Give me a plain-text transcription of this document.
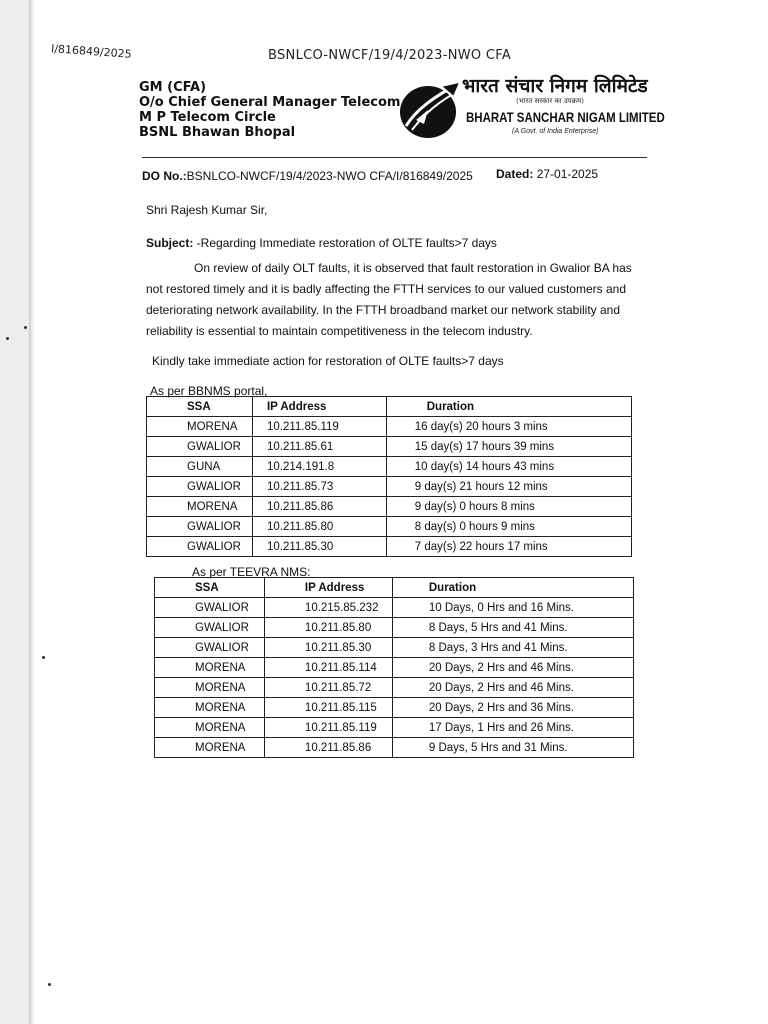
I/816849/2025	BSNLCO-NWCF/19/4/2023-NWO CFA
GM (CFA)
O/o Chief General Manager Telecom
M P Telecom Circle
BSNL Bhawan Bhopal
भारत संचार निगम लिमिटेड
(भारत सरकार का उपक्रम)
BHARAT SANCHAR NIGAM LIMITED
(A Govt. of India Enterprise)
DO No.:BSNLCO-NWCF/19/4/2023-NWO CFA/I/816849/2025 Dated: 27-01-2025
Shri Rajesh Kumar Sir,
Subject: -Regarding Immediate restoration of OLTE faults>7 days
On review of daily OLT faults, it is observed that fault restoration in Gwalior BA has not restored timely and it is badly affecting the FTTH services to our valued customers and deteriorating network availability. In the FTTH broadband market our network stability and reliability is essential to maintain competitiveness in the telecom industry.
Kindly take immediate action for restoration of OLTE faults>7 days
As per BBNMS portal,
SSA	IP Address	Duration
MORENA	10.211.85.119	16 day(s) 20 hours 3 mins
GWALIOR	10.211.85.61	15 day(s) 17 hours 39 mins
GUNA	10.214.191.8	10 day(s) 14 hours 43 mins
GWALIOR	10.211.85.73	9 day(s) 21 hours 12 mins
MORENA	10.211.85.86	9 day(s) 0 hours 8 mins
GWALIOR	10.211.85.80	8 day(s) 0 hours 9 mins
GWALIOR	10.211.85.30	7 day(s) 22 hours 17 mins
As per TEEVRA NMS:
SSA	IP Address	Duration
GWALIOR	10.215.85.232	10 Days, 0 Hrs and 16 Mins.
GWALIOR	10.211.85.80	8 Days, 5 Hrs and 41 Mins.
GWALIOR	10.211.85.30	8 Days, 3 Hrs and 41 Mins.
MORENA	10.211.85.114	20 Days, 2 Hrs and 46 Mins.
MORENA	10.211.85.72	20 Days, 2 Hrs and 46 Mins.
MORENA	10.211.85.115	20 Days, 2 Hrs and 36 Mins.
MORENA	10.211.85.119	17 Days, 1 Hrs and 26 Mins.
MORENA	10.211.85.86	9 Days, 5 Hrs and 31 Mins.
